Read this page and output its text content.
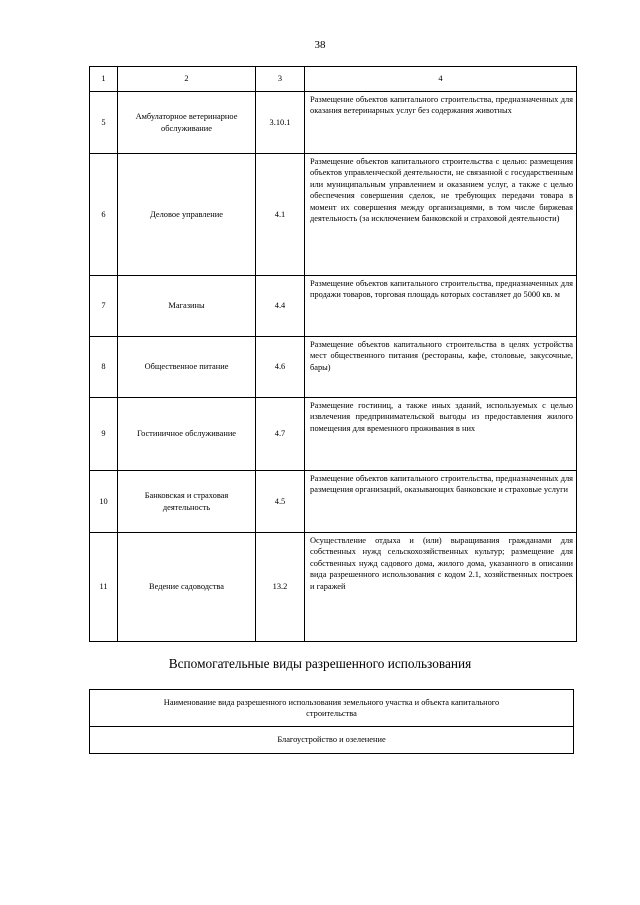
38
1	2	3	4
5	Амбулаторное ветеринарное обслуживание	3.10.1	Размещение объектов капитального строительства, предназначенных для оказания ветеринарных услуг без содержания животных
6	Деловое управление	4.1	Размещение объектов капитального строительства с целью: размещения объектов управленческой деятельности, не связанной с государственным или муниципальным управлением и оказанием услуг, а также с целью обеспечения совершения сделок, не требующих передачи товара в момент их совершения между организациями, в том числе биржевая деятельность (за исключением банковской и страховой деятельности)
7	Магазины	4.4	Размещение объектов капитального строительства, предназначенных для продажи товаров, торговая площадь которых составляет до 5000 кв. м
8	Общественное питание	4.6	Размещение объектов капитального строительства в целях устройства мест общественного питания (рестораны, кафе, столовые, закусочные, бары)
9	Гостиничное обслуживание	4.7	Размещение гостиниц, а также иных зданий, используемых с целью извлечения предпринимательской выгоды из предоставления жилого помещения для временного проживания в них
10	Банковская и страховая деятельность	4.5	Размещение объектов капитального строительства, предназначенных для размещения организаций, оказывающих банковские и страховые услуги
11	Ведение садоводства	13.2	Осуществление отдыха и (или) выращивания гражданами для собственных нужд сельскохозяйственных культур; размещение для собственных нужд садового дома, жилого дома, указанного в описании вида разрешенного использования с кодом 2.1, хозяйственных построек и гаражей
Вспомогательные виды разрешенного использования
Наименование вида разрешенного использования земельного участка и объекта капитального строительства
Благоустройство и озеленение
